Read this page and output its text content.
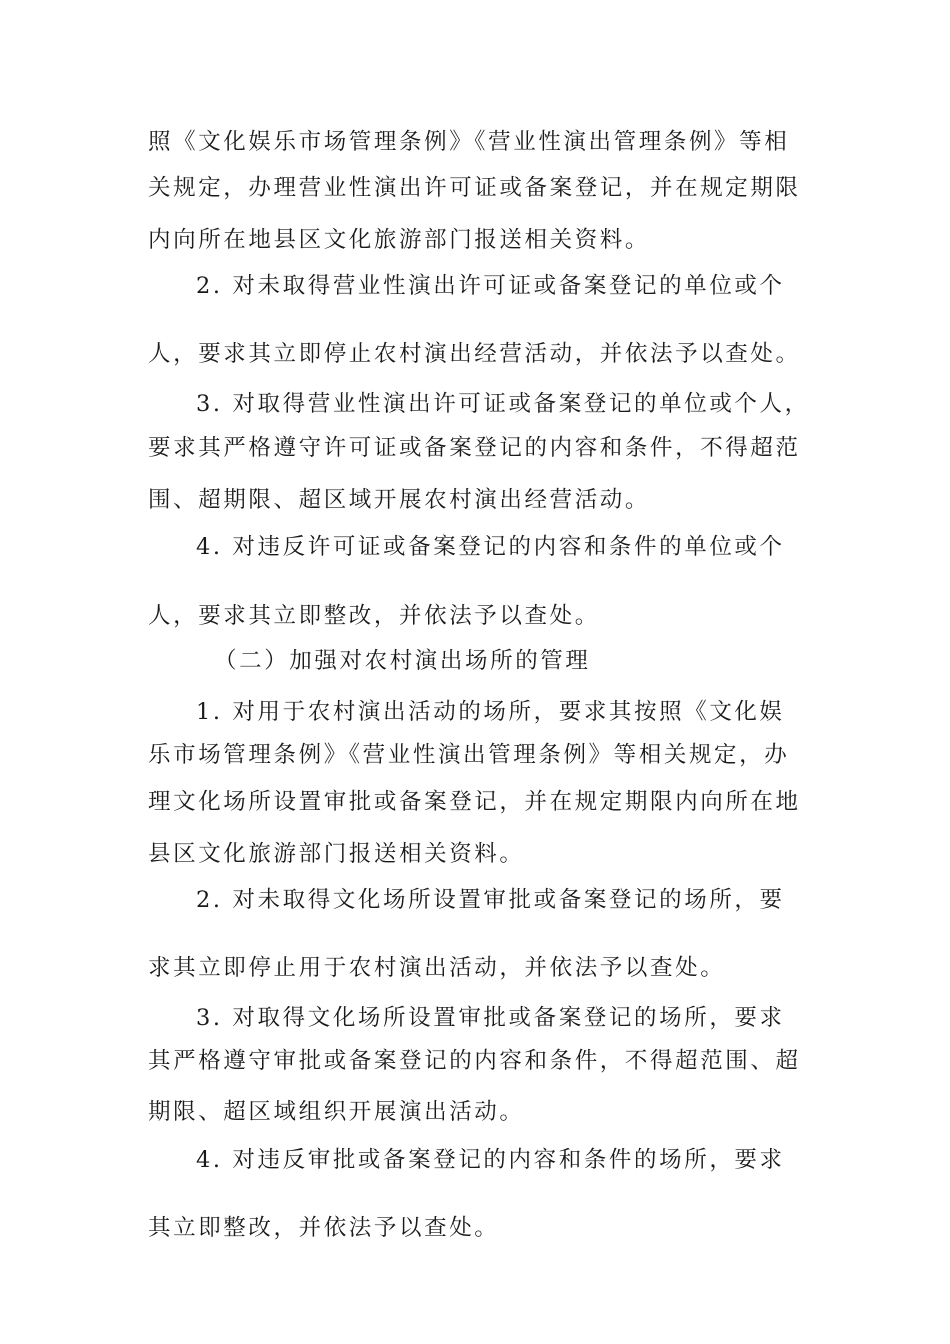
照《文化娱乐市场管理条例》《营业性演出管理条例》等相
关规定，办理营业性演出许可证或备案登记，并在规定期限
内向所在地县区文化旅游部门报送相关资料。
2. 对未取得营业性演出许可证或备案登记的单位或个
人，要求其立即停止农村演出经营活动，并依法予以查处。
3. 对取得营业性演出许可证或备案登记的单位或个人，
要求其严格遵守许可证或备案登记的内容和条件，不得超范
围、超期限、超区域开展农村演出经营活动。
4. 对违反许可证或备案登记的内容和条件的单位或个
人，要求其立即整改，并依法予以查处。
（二）加强对农村演出场所的管理
1. 对用于农村演出活动的场所，要求其按照《文化娱
乐市场管理条例》《营业性演出管理条例》等相关规定，办
理文化场所设置审批或备案登记，并在规定期限内向所在地
县区文化旅游部门报送相关资料。
2. 对未取得文化场所设置审批或备案登记的场所，要
求其立即停止用于农村演出活动，并依法予以查处。
3. 对取得文化场所设置审批或备案登记的场所，要求
其严格遵守审批或备案登记的内容和条件，不得超范围、超
期限、超区域组织开展演出活动。
4. 对违反审批或备案登记的内容和条件的场所，要求
其立即整改，并依法予以查处。
